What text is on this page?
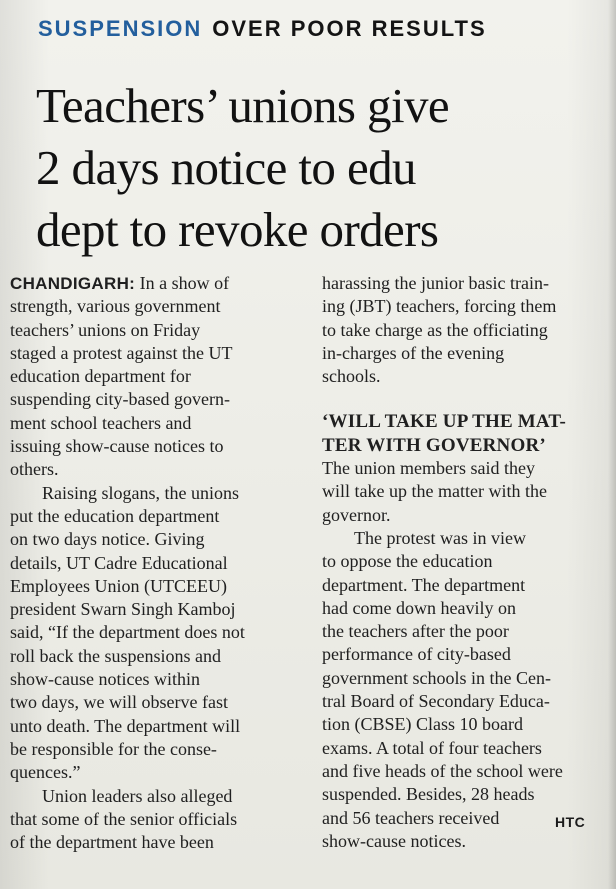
SUSPENSION OVER POOR RESULTS
Teachers’ unions give
2 days notice to edu
dept to revoke orders
CHANDIGARH: In a show of
strength, various government
teachers’ unions on Friday
staged a protest against the UT
education department for
suspending city-based govern-
ment school teachers and
issuing show-cause notices to
others.
Raising slogans, the unions
put the education department
on two days notice. Giving
details, UT Cadre Educational
Employees Union (UTCEEU)
president Swarn Singh Kamboj
said, “If the department does not
roll back the suspensions and
show-cause notices within
two days, we will observe fast
unto death. The department will
be responsible for the conse-
quences.”
Union leaders also alleged
that some of the senior officials
of the department have been
harassing the junior basic train-
ing (JBT) teachers, forcing them
to take charge as the officiating
in-charges of the evening
schools.
‘WILL TAKE UP THE MAT-
TER WITH GOVERNOR’
The union members said they
will take up the matter with the
governor.
The protest was in view
to oppose the education
department. The department
had come down heavily on
the teachers after the poor
performance of city-based
government schools in the Cen-
tral Board of Secondary Educa-
tion (CBSE) Class 10 board
exams. A total of four teachers
and five heads of the school were
suspended. Besides, 28 heads
and 56 teachers received
show-cause notices.
HTC
